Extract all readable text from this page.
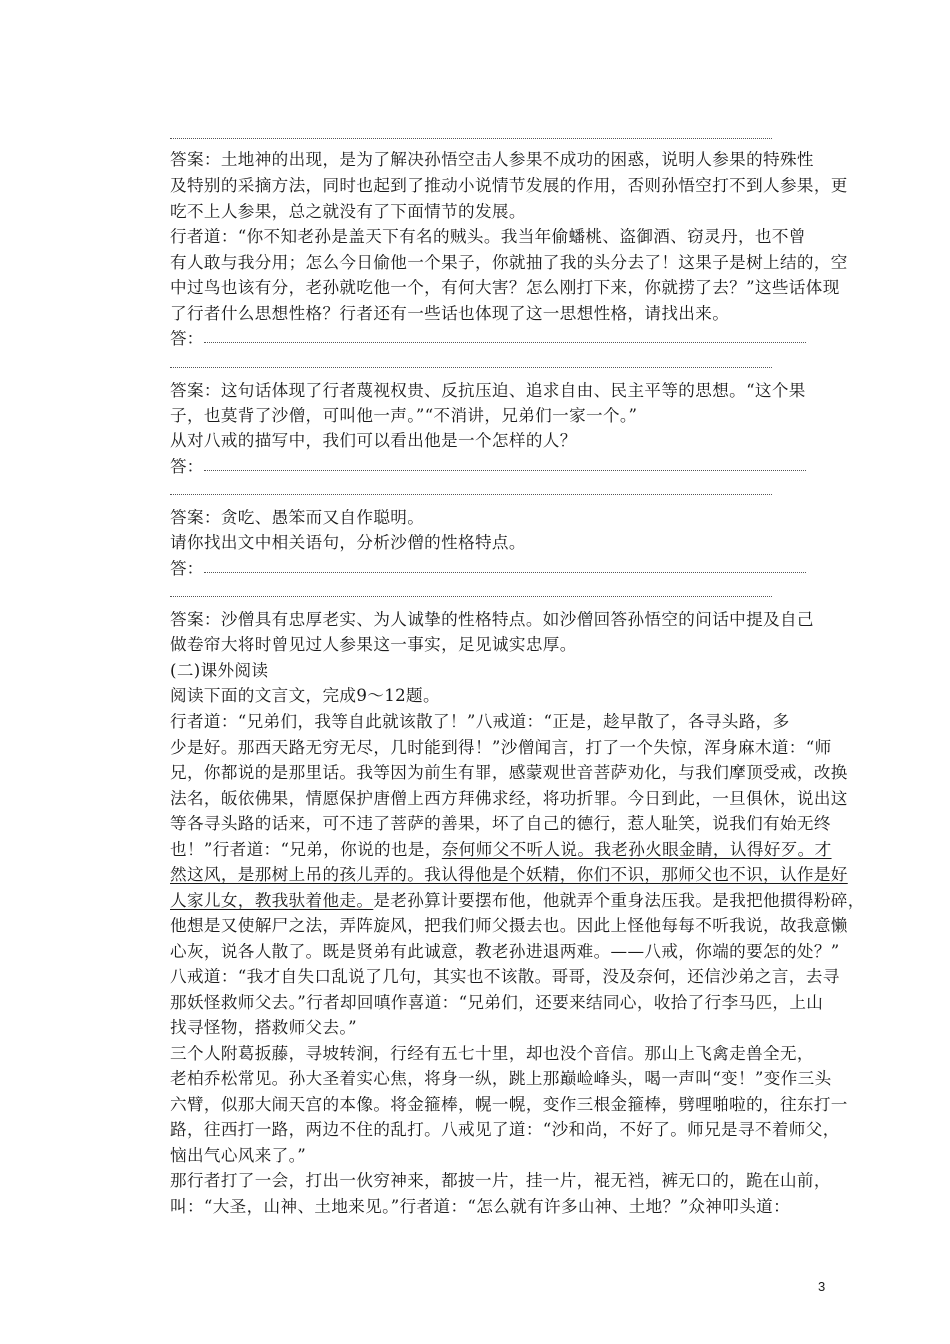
答案：土地神的出现，是为了解决孙悟空击人参果不成功的困惑，说明人参果的特殊性
及特别的采摘方法，同时也起到了推动小说情节发展的作用，否则孙悟空打不到人参果，更
吃不上人参果，总之就没有了下面情节的发展。
行者道：“你不知老孙是盖天下有名的贼头。我当年偷蟠桃、盗御酒、窃灵丹，也不曾
有人敢与我分用；怎么今日偷他一个果子，你就抽了我的头分去了！这果子是树上结的，空
中过鸟也该有分，老孙就吃他一个，有何大害？怎么刚打下来，你就捞了去？”这些话体现
了行者什么思想性格？行者还有一些话也体现了这一思想性格，请找出来。
答：
答案：这句话体现了行者蔑视权贵、反抗压迫、追求自由、民主平等的思想。“这个果
子，也莫背了沙僧，可叫他一声。”“不消讲，兄弟们一家一个。”
从对八戒的描写中，我们可以看出他是一个怎样的人？
答：
答案：贪吃、愚笨而又自作聪明。
请你找出文中相关语句，分析沙僧的性格特点。
答：
答案：沙僧具有忠厚老实、为人诚挚的性格特点。如沙僧回答孙悟空的问话中提及自己
做卷帘大将时曾见过人参果这一事实，足见诚实忠厚。
(二)课外阅读
阅读下面的文言文，完成9～12题。
行者道：“兄弟们，我等自此就该散了！”八戒道：“正是，趁早散了，各寻头路，多
少是好。那西天路无穷无尽，几时能到得！”沙僧闻言，打了一个失惊，浑身麻木道：“师
兄，你都说的是那里话。我等因为前生有罪，感蒙观世音菩萨劝化，与我们摩顶受戒，改换
法名，皈依佛果，情愿保护唐僧上西方拜佛求经，将功折罪。今日到此，一旦俱休，说出这
等各寻头路的话来，可不违了菩萨的善果，坏了自己的德行，惹人耻笑，说我们有始无终
也！”行者道：“兄弟，你说的也是，奈何师父不听人说。我老孙火眼金睛，认得好歹。才
然这风，是那树上吊的孩儿弄的。我认得他是个妖精，你们不识，那师父也不识，认作是好
人家儿女，教我驮着他走。是老孙算计要摆布他，他就弄个重身法压我。是我把他掼得粉碎，
他想是又使解尸之法，弄阵旋风，把我们师父摄去也。因此上怪他每每不听我说，故我意懒
心灰，说各人散了。既是贤弟有此诚意，教老孙进退两难。——八戒，你端的要怎的处？”
八戒道：“我才自失口乱说了几句，其实也不该散。哥哥，没及奈何，还信沙弟之言，去寻
那妖怪救师父去。”行者却回嗔作喜道：“兄弟们，还要来结同心，收拾了行李马匹，上山
找寻怪物，搭救师父去。”
三个人附葛扳藤，寻坡转涧，行经有五七十里，却也没个音信。那山上飞禽走兽全无，
老柏乔松常见。孙大圣着实心焦，将身一纵，跳上那巅崄峰头，喝一声叫“变！”变作三头
六臂，似那大闹天宫的本像。将金箍棒，幌一幌，变作三根金箍棒，劈哩啪啦的，往东打一
路，往西打一路，两边不住的乱打。八戒见了道：“沙和尚，不好了。师兄是寻不着师父，
恼出气心风来了。”
那行者打了一会，打出一伙穷神来，都披一片，挂一片，裩无裆，裤无口的，跪在山前，
叫：“大圣，山神、土地来见。”行者道：“怎么就有许多山神、土地？”众神叩头道：
3
